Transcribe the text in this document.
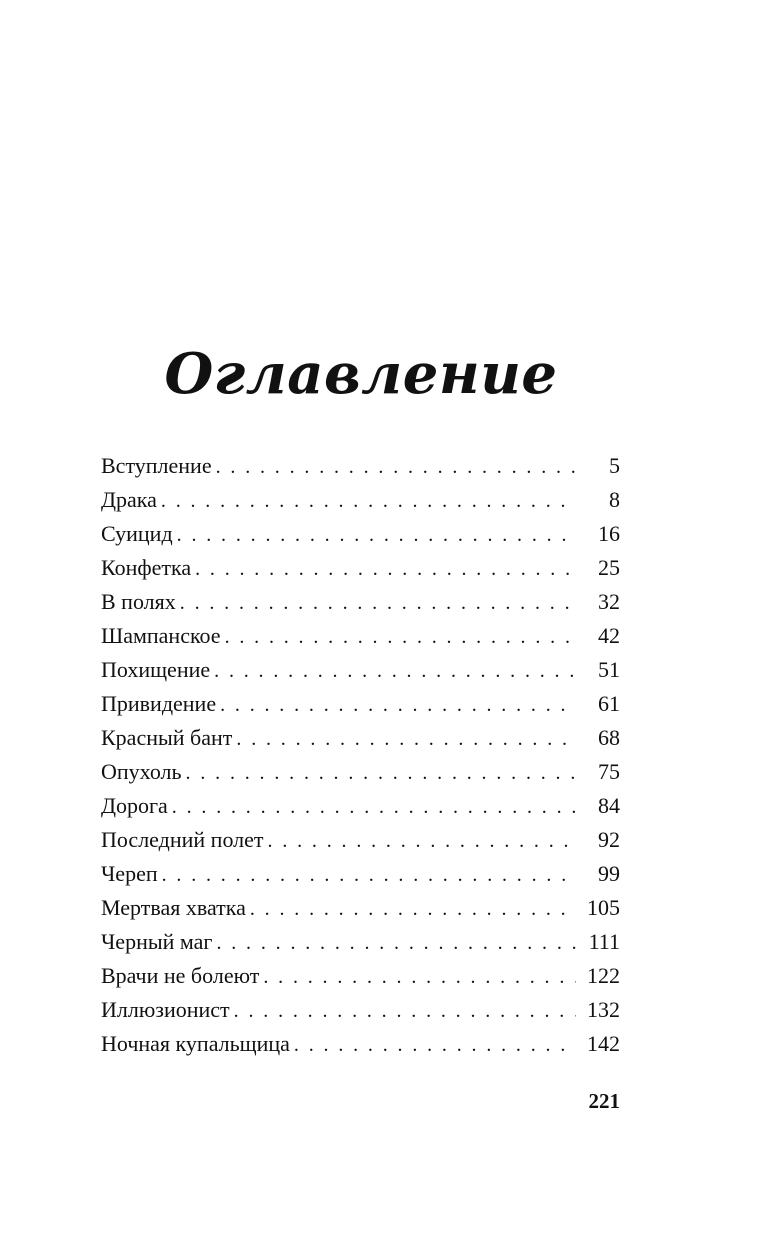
Оглавление
Вступление . . .	5
Драка . . .	8
Суицид . . .	16
Конфетка . . .	25
В полях . . .	32
Шампанское . . .	42
Похищение . . .	51
Привидение . . .	61
Красный бант . . .	68
Опухоль . . .	75
Дорога . . .	84
Последний полет . . .	92
Череп . . .	99
Мертвая хватка . . .	105
Черный маг . . .	111
Врачи не болеют . . .	122
Иллюзионист . . .	132
Ночная купальщица . . .	142
221
